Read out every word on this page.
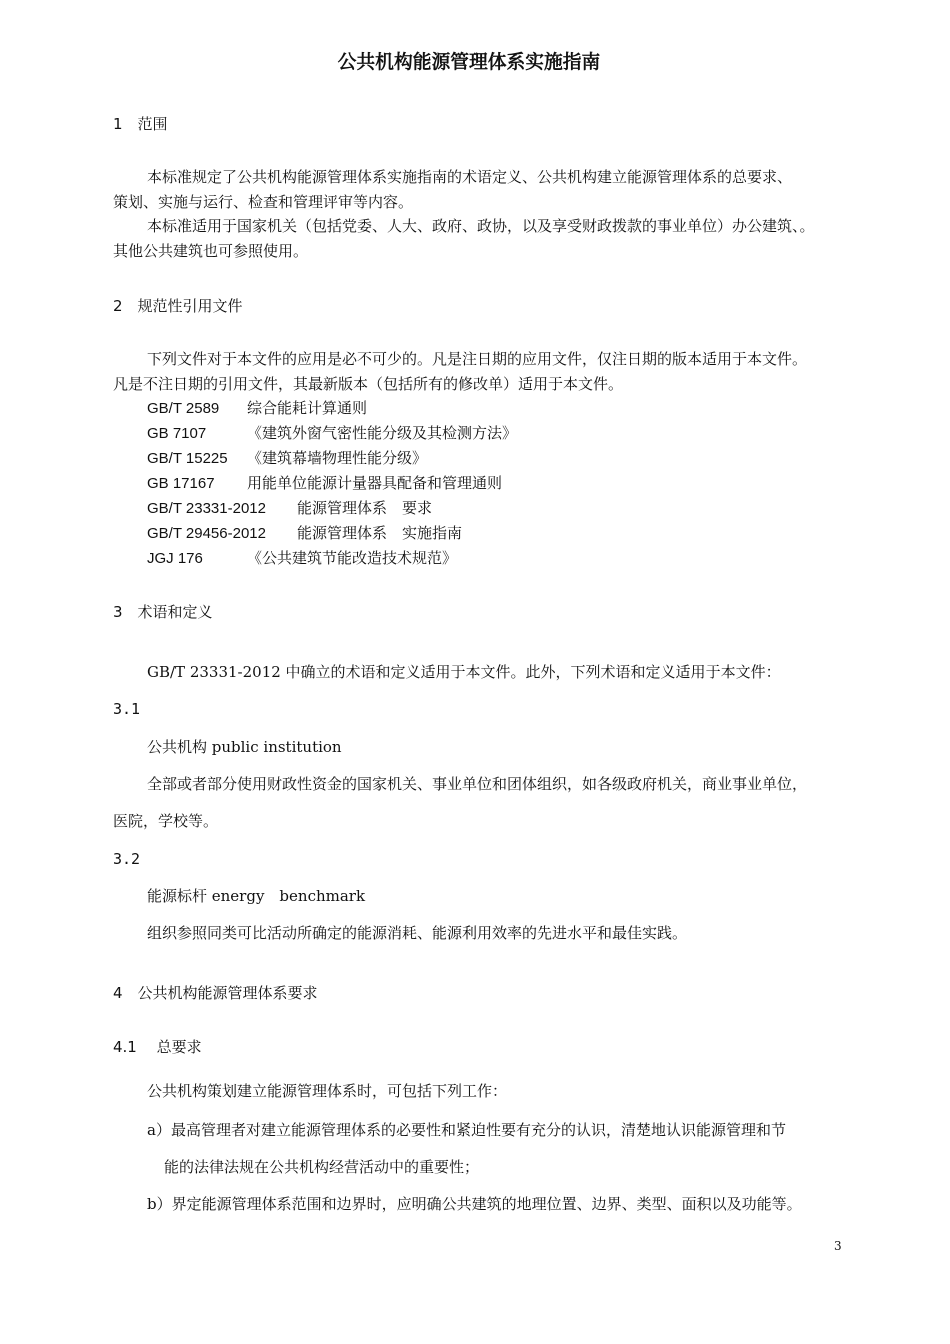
公共机构能源管理体系实施指南
1　范围
本标准规定了公共机构能源管理体系实施指南的术语定义、公共机构建立能源管理体系的总要求、
策划、实施与运行、检查和管理评审等内容。
本标准适用于国家机关（包括党委、人大、政府、政协，以及享受财政拨款的事业单位）办公建筑、。
其他公共建筑也可参照使用。
2　规范性引用文件
下列文件对于本文件的应用是必不可少的。凡是注日期的应用文件，仅注日期的版本适用于本文件。
凡是不注日期的引用文件，其最新版本（包括所有的修改单）适用于本文件。
GB/T 2589 综合能耗计算通则
GB 7107	《建筑外窗气密性能分级及其检测方法》
GB/T 15225 《建筑幕墙物理性能分级》
GB 17167 用能单位能源计量器具配备和管理通则
GB/T 23331-2012 能源管理体系　要求
GB/T 29456-2012 能源管理体系　实施指南
JGJ 176	《公共建筑节能改造技术规范》
3　术语和定义
GB/T 23331-2012 中确立的术语和定义适用于本文件。此外，下列术语和定义适用于本文件：
3.1
公共机构 public institution
全部或者部分使用财政性资金的国家机关、事业单位和团体组织，如各级政府机关，商业事业单位，
医院，学校等。
3.2
能源标杆 energy　benchmark
组织参照同类可比活动所确定的能源消耗、能源利用效率的先进水平和最佳实践。
4　公共机构能源管理体系要求
4.1　 总要求
公共机构策划建立能源管理体系时，可包括下列工作：
a）最高管理者对建立能源管理体系的必要性和紧迫性要有充分的认识，清楚地认识能源管理和节
能的法律法规在公共机构经营活动中的重要性；
b）界定能源管理体系范围和边界时，应明确公共建筑的地理位置、边界、类型、面积以及功能等。
3
